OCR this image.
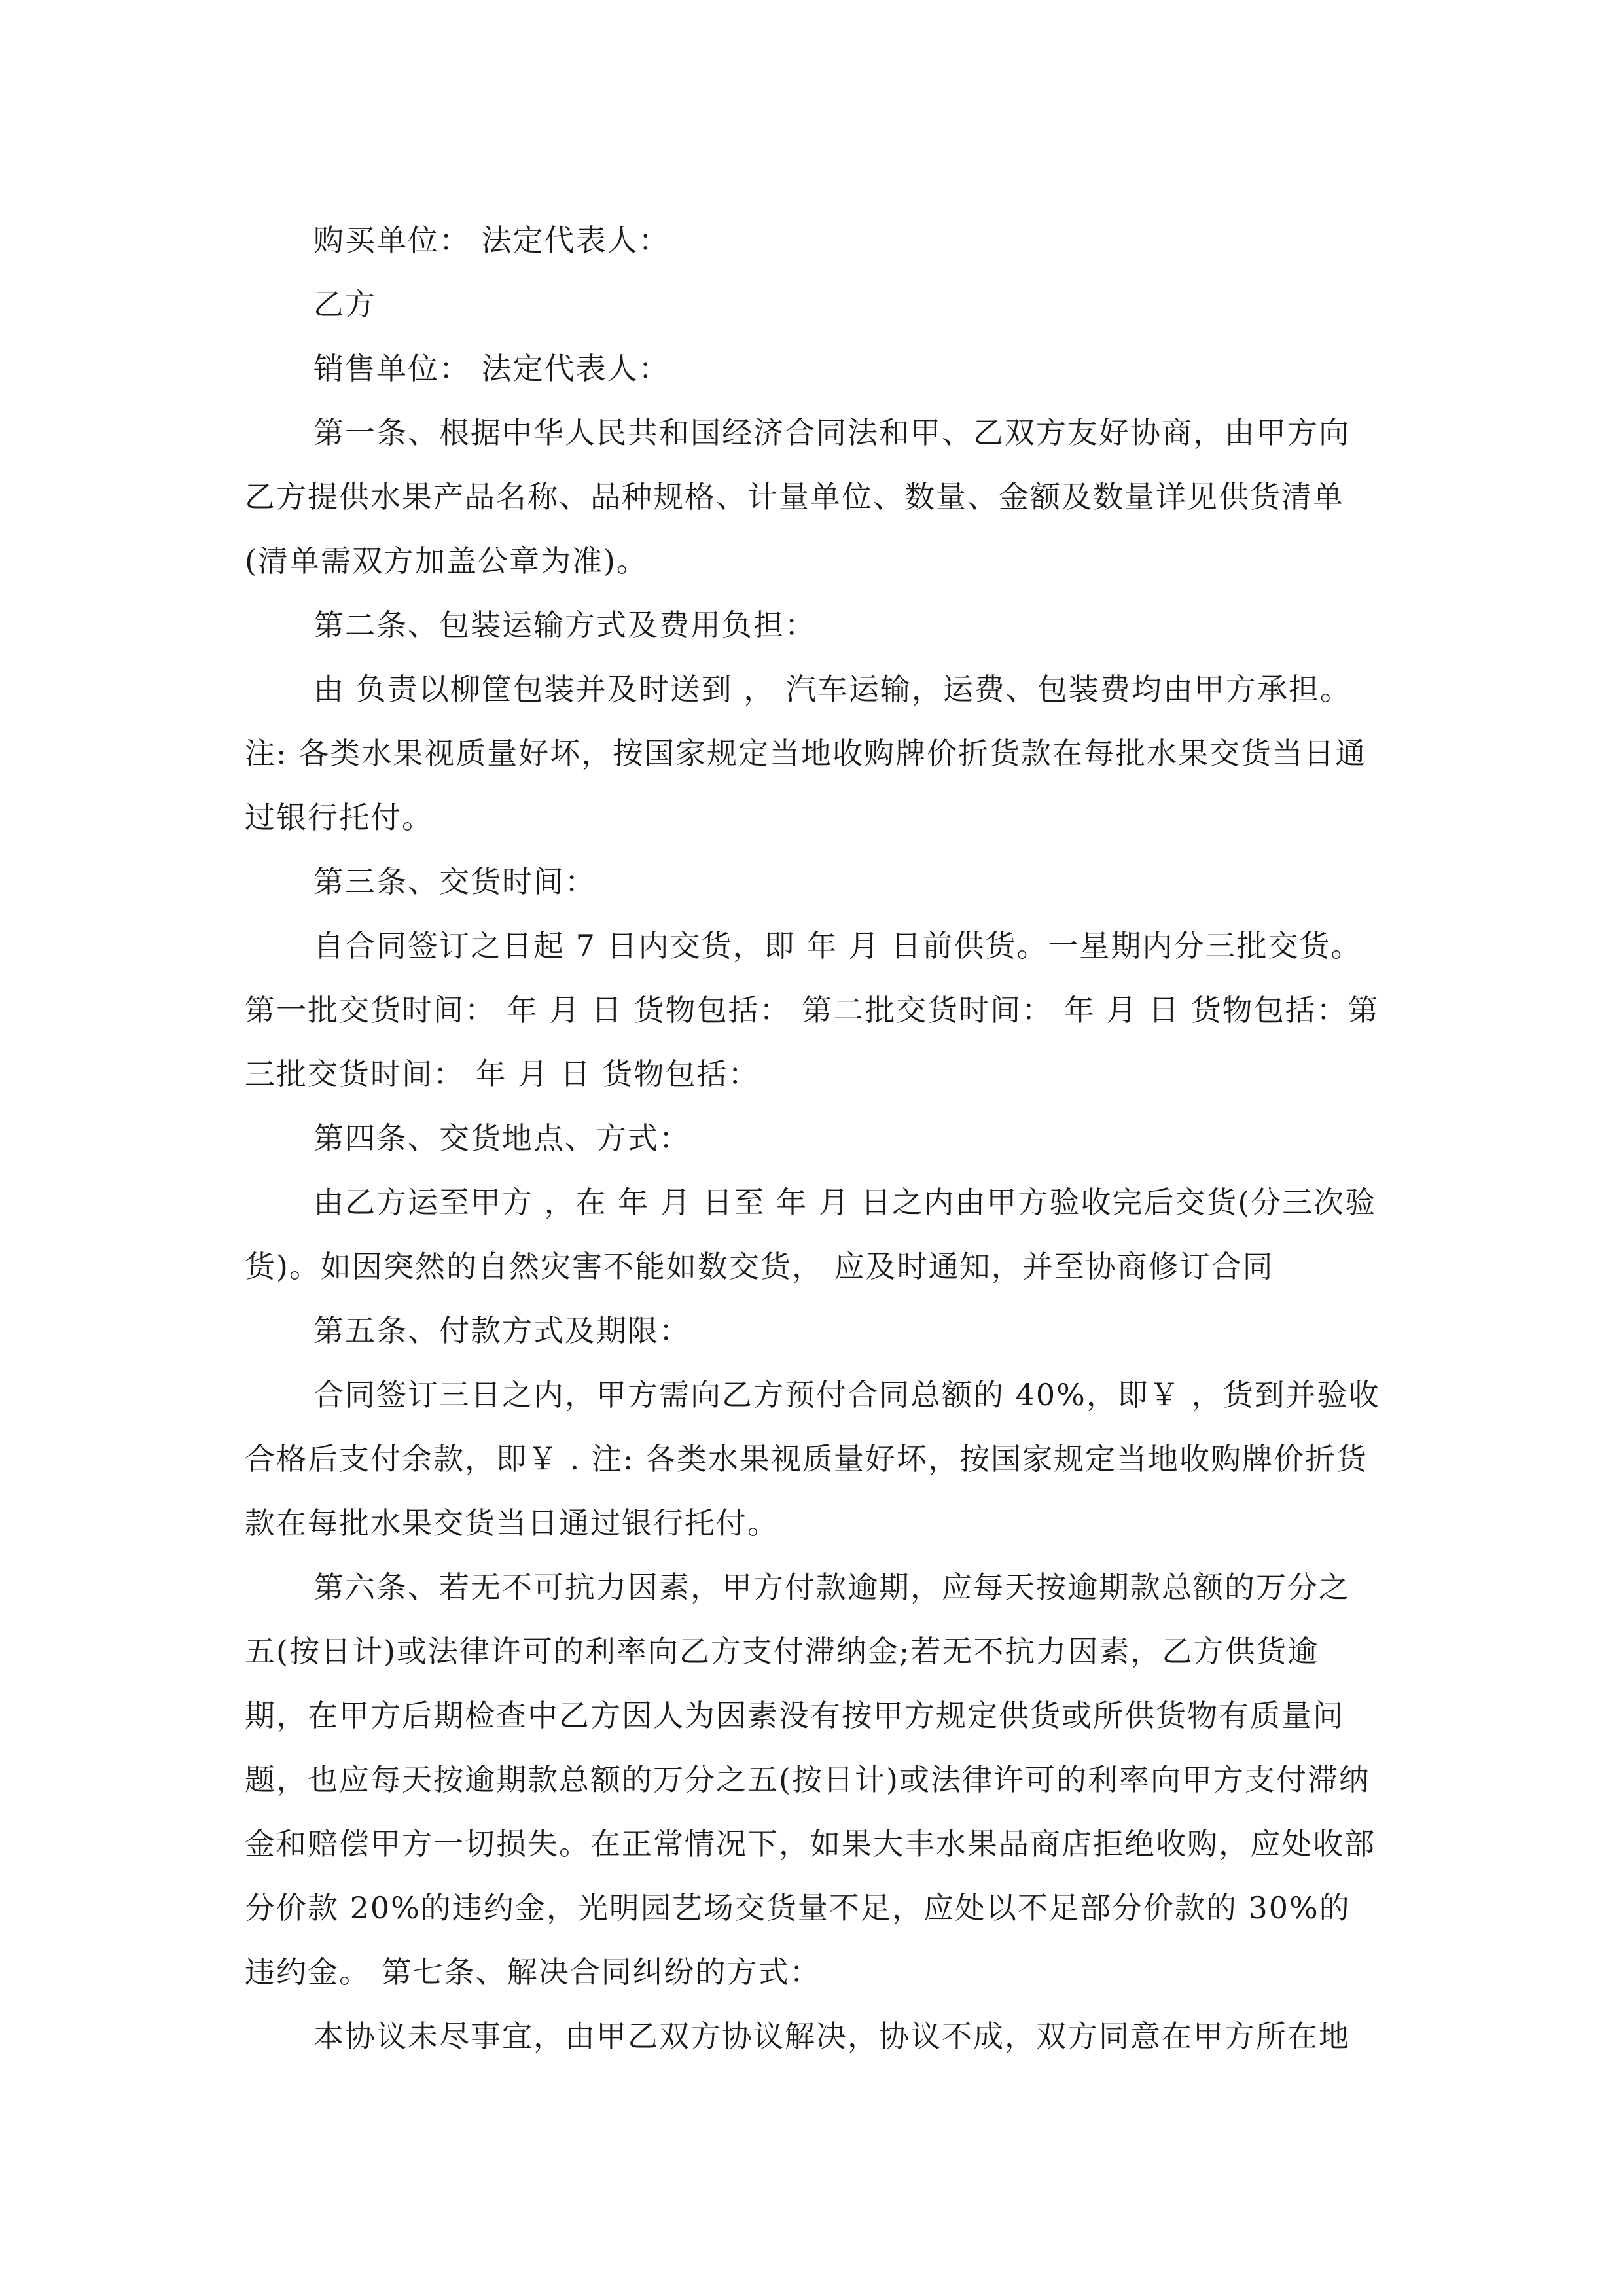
购买单位： 法定代表人：

乙方

销售单位： 法定代表人：

第一条、根据中华人民共和国经济合同法和甲、乙双方友好协商，由甲方向乙方提供水果产品名称、品种规格、计量单位、数量、金额及数量详见供货清单(清单需双方加盖公章为准)。

第二条、包装运输方式及费用负担：

由 负责以柳筐包装并及时送到 ， 汽车运输，运费、包装费均由甲方承担。注: 各类水果视质量好坏，按国家规定当地收购牌价折货款在每批水果交货当日通过银行托付。

第三条、交货时间：

自合同签订之日起 7 日内交货，即 年 月 日前供货。一星期内分三批交货。第一批交货时间： 年 月 日 货物包括： 第二批交货时间： 年 月 日 货物包括：第三批交货时间： 年 月 日 货物包括：

第四条、交货地点、方式：

由乙方运至甲方 ，在 年 月 日至 年 月 日之内由甲方验收完后交货(分三次验货)。如因突然的自然灾害不能如数交货， 应及时通知，并至协商修订合同

第五条、付款方式及期限：

合同签订三日之内，甲方需向乙方预付合同总额的 40%，即￥ ，货到并验收合格后支付余款，即￥ . 注: 各类水果视质量好坏，按国家规定当地收购牌价折货款在每批水果交货当日通过银行托付。

第六条、若无不可抗力因素，甲方付款逾期，应每天按逾期款总额的万分之五(按日计)或法律许可的利率向乙方支付滞纳金;若无不抗力因素，乙方供货逾期，在甲方后期检查中乙方因人为因素没有按甲方规定供货或所供货物有质量问题，也应每天按逾期款总额的万分之五(按日计)或法律许可的利率向甲方支付滞纳金和赔偿甲方一切损失。在正常情况下，如果大丰水果品商店拒绝收购，应处收部分价款 20%的违约金，光明园艺场交货量不足，应处以不足部分价款的 30%的违约金。 第七条、解决合同纠纷的方式：

本协议未尽事宜，由甲乙双方协议解决，协议不成，双方同意在甲方所在地
